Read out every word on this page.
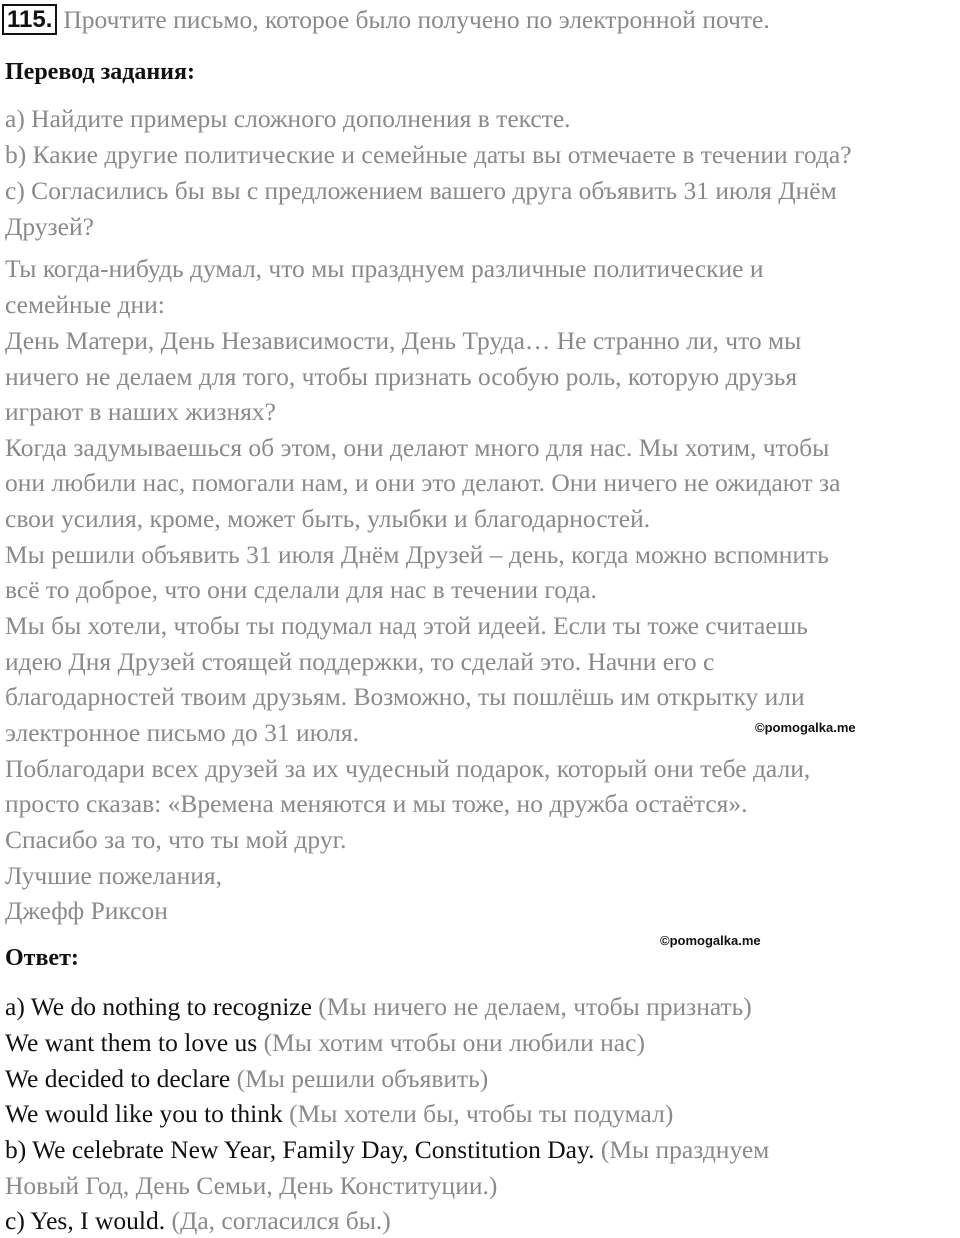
115. Прочтите письмо, которое было получено по электронной почте.
Перевод задания:
a) Найдите примеры сложного дополнения в тексте.
b) Какие другие политические и семейные даты вы отмечаете в течении года?
c) Согласились бы вы с предложением вашего друга объявить 31 июля Днём
Друзей?
Ты когда-нибудь думал, что мы празднуем различные политические и
семейные дни:
День Матери, День Независимости, День Труда… Не странно ли, что мы
ничего не делаем для того, чтобы признать особую роль, которую друзья
играют в наших жизнях?
Когда задумываешься об этом, они делают много для нас. Мы хотим, чтобы
они любили нас, помогали нам, и они это делают. Они ничего не ожидают за
свои усилия, кроме, может быть, улыбки и благодарностей.
Мы решили объявить 31 июля Днём Друзей – день, когда можно вспомнить
всё то доброе, что они сделали для нас в течении года.
Мы бы хотели, чтобы ты подумал над этой идеей. Если ты тоже считаешь
идею Дня Друзей стоящей поддержки, то сделай это. Начни его с
благодарностей твоим друзьям. Возможно, ты пошлёшь им открытку или
электронное письмо до 31 июля.
Поблагодари всех друзей за их чудесный подарок, который они тебе дали,
просто сказав: «Времена меняются и мы тоже, но дружба остаётся».
Спасибо за то, что ты мой друг.
Лучшие пожелания,
Джефф Риксон
©pomogalka.me
©pomogalka.me
Ответ:
a) We do nothing to recognize (Мы ничего не делаем, чтобы признать)
We want them to love us (Мы хотим чтобы они любили нас)
We decided to declare (Мы решили объявить)
We would like you to think (Мы хотели бы, чтобы ты подумал)
b) We celebrate New Year, Family Day, Constitution Day. (Мы празднуем
Новый Год, День Семьи, День Конституции.)
c) Yes, I would. (Да, согласился бы.)
